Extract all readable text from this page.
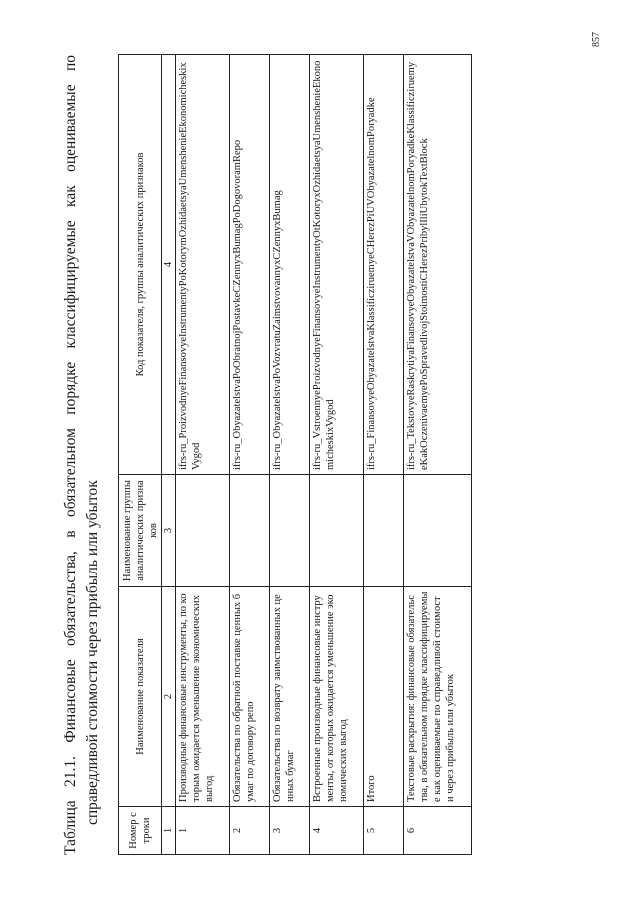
857
Таблица 21.1. Финансовые обязательства, в обязательном порядке классифицируемые как оцениваемые по справедливой стоимости через прибыль или убыток
Номер строки	Наименование показателя	Наименование группы аналитических признаков	Код показателя, группы аналитических признаков
1	2	3	4
1	Производные финансовые инструменты, по которым ожидается уменьшение экономических выгод		ifrs-ru_ProizvodnyeFinansovyeInstrumentyPoKotorymOzhidaetsyaUmenshenieEkonomicheskixVygod
2	Обязательства по обратной поставке ценных бумаг по договору репо		ifrs-ru_ObyazatelstvaPoObratnojPostavkeCZennyxBumagPoDogovoramRepo
3	Обязательства по возврату заимствованных ценных бумаг		ifrs-ru_ObyazatelstvaPoVozvratuZaimstvovannyxCZennyxBumag
4	Встроенные производные финансовые инструменты, от которых ожидается уменьшение экономических выгод		ifrs-ru_VstroennyeProizvodnyeFinansovyeInstrumentyOtKotoryxOzhidaetsyaUmenshenieEkonomicheskixVygod
5	Итого		ifrs-ru_FinansovyeObyazatelstvaKlassificziruemyeCHerezPiUVObyazatelnomPoryadke
6	Текстовые раскрытия: финансовые обязательства, в обязательном порядке классифицируемые как оцениваемые по справедливой стоимости через прибыль или убыток		ifrs-ru_TekstovyeRaskrytiyaFinansovyeObyazatelstvaVObyazatelnomPoryadkeKlassificziruemyeKakOczenivaemyePoSpravedlivojStoimostiCHerezPribylIliUbytokTextBlock
